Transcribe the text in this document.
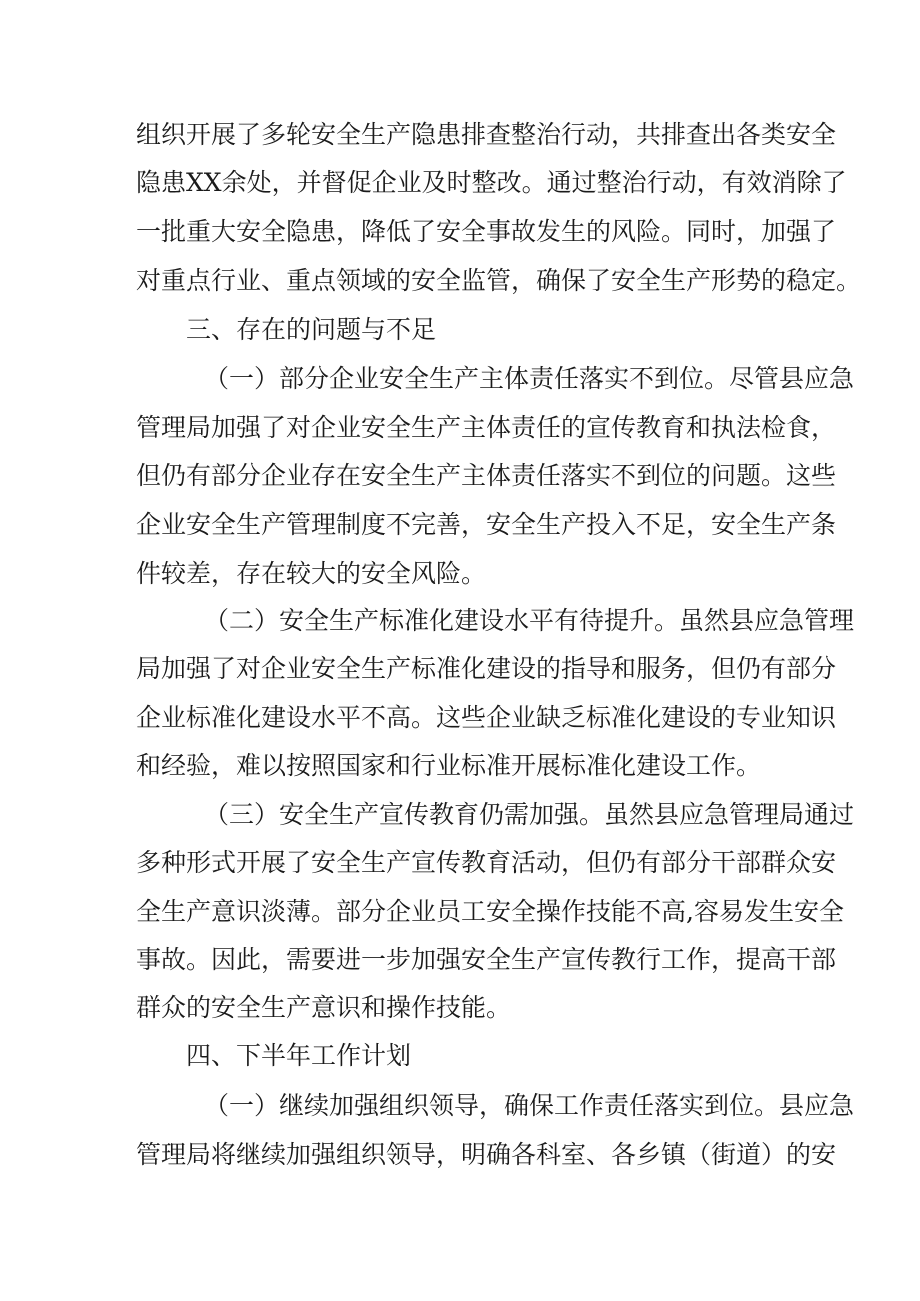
组织开展了多轮安全生产隐患排查整治行动，共排查出各类安全
隐患XX余处，并督促企业及时整改。通过整治行动，有效消除了
一批重大安全隐患，降低了安全事故发生的风险。同时，加强了
对重点行业、重点领域的安全监管，确保了安全生产形势的稳定。
三、存在的问题与不足
（一）部分企业安全生产主体责任落实不到位。尽管县应急
管理局加强了对企业安全生产主体责任的宣传教育和执法检食，
但仍有部分企业存在安全生产主体责任落实不到位的问题。这些
企业安全生产管理制度不完善，安全生产投入不足，安全生产条
件较差，存在较大的安全风险。
（二）安全生产标准化建设水平有待提升。虽然县应急管理
局加强了对企业安全生产标准化建设的指导和服务，但仍有部分
企业标准化建设水平不高。这些企业缺乏标准化建设的专业知识
和经验，难以按照国家和行业标准开展标准化建设工作。
（三）安全生产宣传教育仍需加强。虽然县应急管理局通过
多种形式开展了安全生产宣传教育活动，但仍有部分干部群众安
全生产意识淡薄。部分企业员工安全操作技能不高,容易发生安全
事故。因此，需要进一步加强安全生产宣传教行工作，提高干部
群众的安全生产意识和操作技能。
四、下半年工作计划
（一）继续加强组织领导，确保工作责任落实到位。县应急
管理局将继续加强组织领导，明确各科室、各乡镇（街道）的安
